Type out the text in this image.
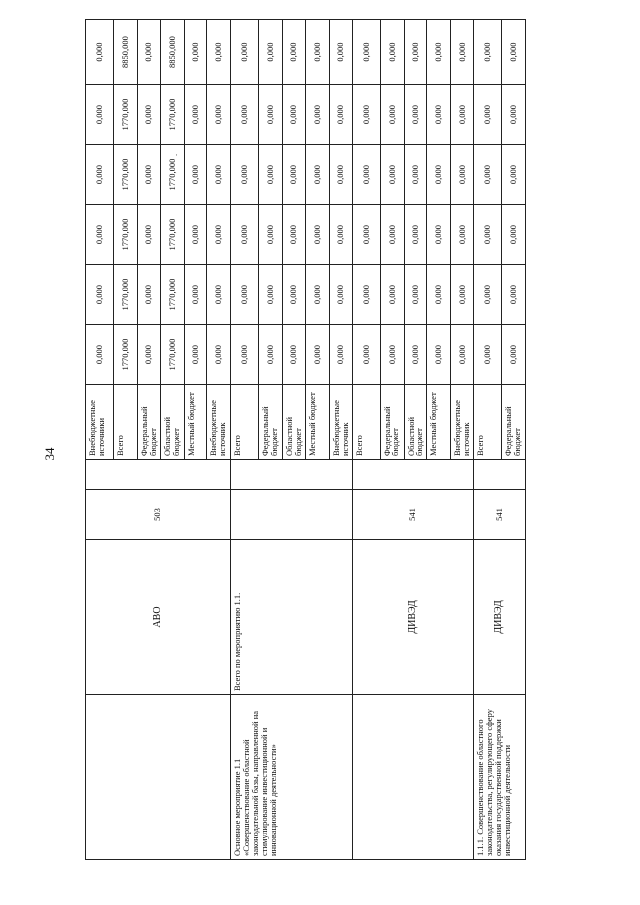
34
	АВО	503		Внебюджетные источники	0,000	0,000	0,000	0,000	0,000	0,000
				Всего	1770,000	1770,000	1770,000	1770,000	1770,000	8850,000
				Федеральный бюджет	0,000	0,000	0,000	0,000	0,000	0,000
				Областной бюджет	1770,000	1770,000	1770,000	1770,000	1770,000	8850,000
				Местный бюджет	0,000	0,000	0,000	0,000	0,000	0,000
				Внебюджетные источник	0,000	0,000	0,000	0,000	0,000	0,000
Основное мероприятие 1.1 «Совершенствование областной законодательной базы, направленной на стимулирование инвестиционной и инновационной деятельности»	Всего по мероприятию 1.1.			Всего	0,000	0,000	0,000	0,000	0,000	0,000
				Федеральный бюджет	0,000	0,000	0,000	0,000	0,000	0,000
				Областной бюджет	0,000	0,000	0,000	0,000	0,000	0,000
				Местный бюджет	0,000	0,000	0,000	0,000	0,000	0,000
				Внебюджетные источник	0,000	0,000	0,000	0,000	0,000	0,000
	ДИВЭД	541		Всего	0,000	0,000	0,000	0,000	0,000	0,000
				Федеральный бюджет	0,000	0,000	0,000	0,000	0,000	0,000
				Областной бюджет	0,000	0,000	0,000	0,000	0,000	0,000
				Местный бюджет	0,000	0,000	0,000	0,000	0,000	0,000
				Внебюджетные источник	0,000	0,000	0,000	0,000	0,000	0,000
1.1.1. Совершенствование областного законодательства, регулирующего сферу оказания государственной поддержки инвестиционной деятельности	ДИВЭД	541		Всего	0,000	0,000	0,000	0,000	0,000	0,000
				Федеральный бюджет	0,000	0,000	0,000	0,000	0,000	0,000
·
